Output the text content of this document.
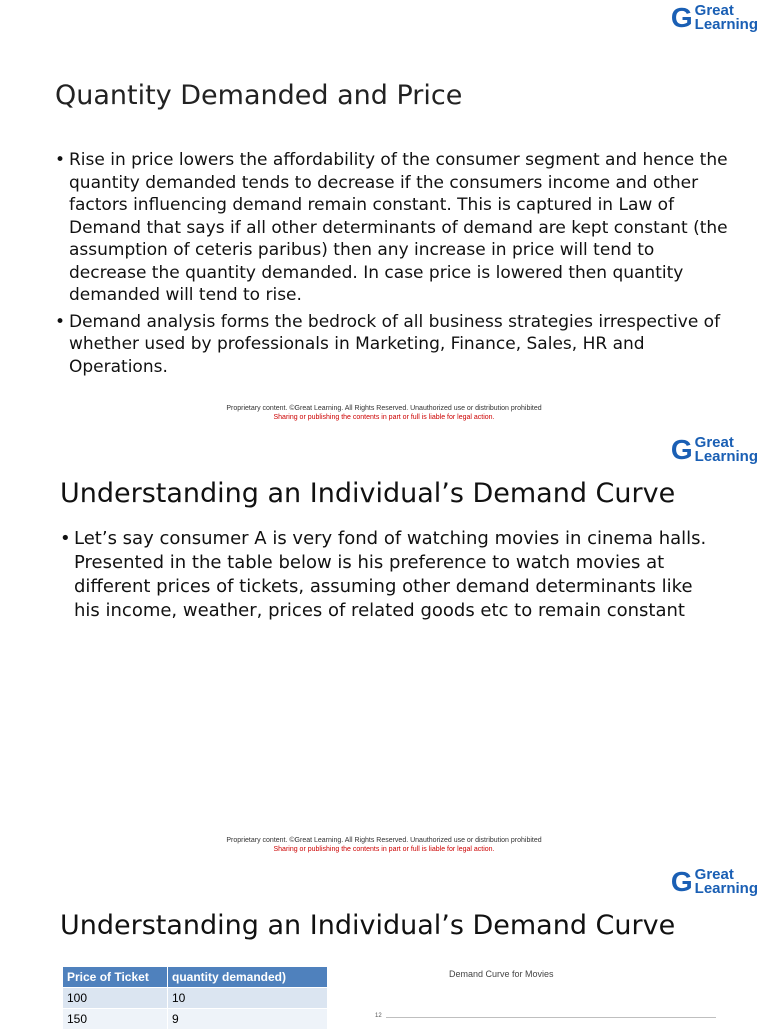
G Great
Learning
Quantity Demanded and Price
• Rise in price lowers the affordability of the consumer segment and hence the quantity demanded tends to decrease if the consumers income and other factors influencing demand remain constant. This is captured in Law of Demand that says if all other determinants of demand are kept constant (the assumption of ceteris paribus) then any increase in price will tend to decrease the quantity demanded. In case price is lowered then quantity demanded will tend to rise.
• Demand analysis forms the bedrock of all business strategies irrespective of whether used by professionals in Marketing, Finance, Sales, HR and Operations.
Proprietary content. ©Great Learning. All Rights Reserved. Unauthorized use or distribution prohibited
Sharing or publishing the contents in part or full is liable for legal action.
G Great
Learning
Understanding an Individual’s Demand Curve
• Let’s say consumer A is very fond of watching movies in cinema halls. Presented in the table below is his preference to watch movies at different prices of tickets, assuming other demand determinants like his income, weather, prices of related goods etc to remain constant
Proprietary content. ©Great Learning. All Rights Reserved. Unauthorized use or distribution prohibited
Sharing or publishing the contents in part or full is liable for legal action.
G Great
Learning
Understanding an Individual’s Demand Curve
Price of Ticket	quantity demanded)
100	10
150	9
Demand Curve for Movies
12
